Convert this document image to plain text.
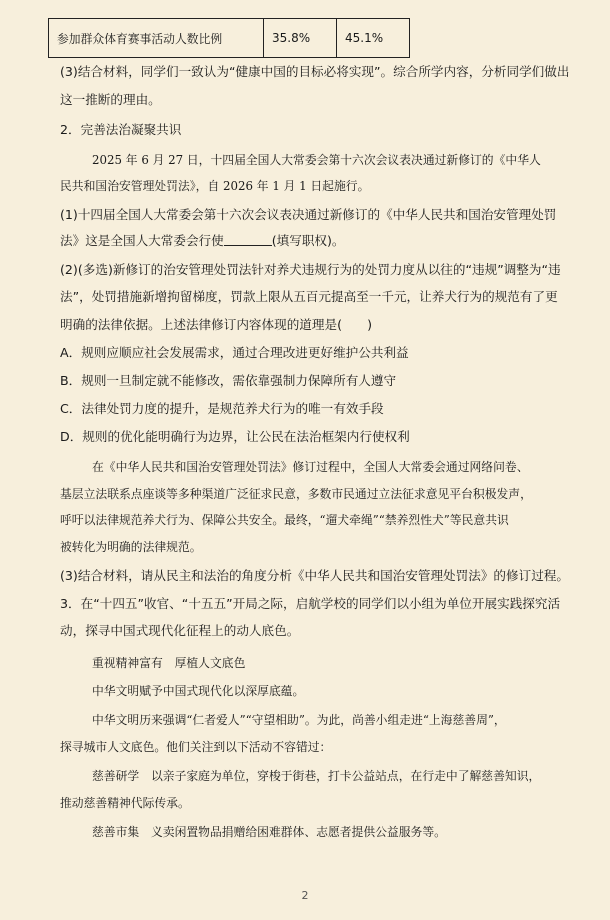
参加群众体育赛事活动人数比例	35.8%	45.1%
(3)结合材料，同学们一致认为“健康中国的目标必将实现”。综合所学内容，分析同学们做出
这一推断的理由。
2．完善法治凝聚共识
2025 年 6 月 27 日，十四届全国人大常委会第十六次会议表决通过新修订的《中华人
民共和国治安管理处罚法》，自 2026 年 1 月 1 日起施行。
(1)十四届全国人大常委会第十六次会议表决通过新修订的《中华人民共和国治安管理处罚
法》这是全国人大常委会行使	(填写职权)。
(2)(多选)新修订的治安管理处罚法针对养犬违规行为的处罚力度从以往的“违规”调整为“违
法”，处罚措施新增拘留梯度，罚款上限从五百元提高至一千元，让养犬行为的规范有了更
明确的法律依据。上述法律修订内容体现的道理是(　　)
A．规则应顺应社会发展需求，通过合理改进更好维护公共利益
B．规则一旦制定就不能修改，需依靠强制力保障所有人遵守
C．法律处罚力度的提升，是规范养犬行为的唯一有效手段
D．规则的优化能明确行为边界，让公民在法治框架内行使权利
在《中华人民共和国治安管理处罚法》修订过程中，全国人大常委会通过网络问卷、
基层立法联系点座谈等多种渠道广泛征求民意，多数市民通过立法征求意见平台积极发声，
呼吁以法律规范养犬行为、保障公共安全。最终，“遛犬牵绳”“禁养烈性犬”等民意共识
被转化为明确的法律规范。
(3)结合材料，请从民主和法治的角度分析《中华人民共和国治安管理处罚法》的修订过程。
3．在“十四五”收官、“十五五”开局之际，启航学校的同学们以小组为单位开展实践探究活
动，探寻中国式现代化征程上的动人底色。
重视精神富有　厚植人文底色
中华文明赋予中国式现代化以深厚底蕴。
中华文明历来强调“仁者爱人”“守望相助”。为此，尚善小组走进“上海慈善周”，
探寻城市人文底色。他们关注到以下活动不容错过：
慈善研学　以亲子家庭为单位，穿梭于街巷，打卡公益站点，在行走中了解慈善知识，
推动慈善精神代际传承。
慈善市集　义卖闲置物品捐赠给困难群体、志愿者提供公益服务等。
2
